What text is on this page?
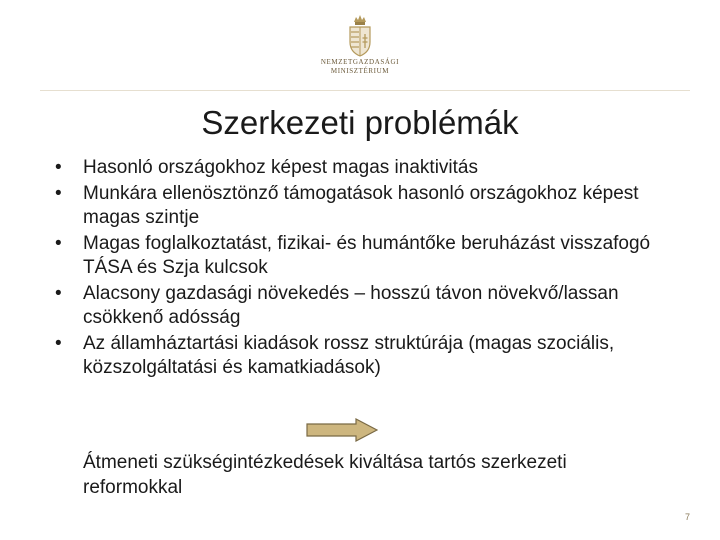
NEMZETGAZDASÁGI
MINISZTÉRIUM
Szerkezeti problémák
• Hasonló országokhoz képest magas inaktivitás
• Munkára ellenösztönző támogatások hasonló országokhoz képest magas szintje
• Magas foglalkoztatást, fizikai- és humántőke beruházást visszafogó TÁSA és Szja kulcsok
• Alacsony gazdasági növekedés – hosszú távon növekvő/lassan csökkenő adósság
• Az államháztartási kiadások rossz struktúrája (magas szociális, közszolgáltatási és kamatkiadások)
Átmeneti szükségintézkedések kiváltása tartós szerkezeti reformokkal
7
